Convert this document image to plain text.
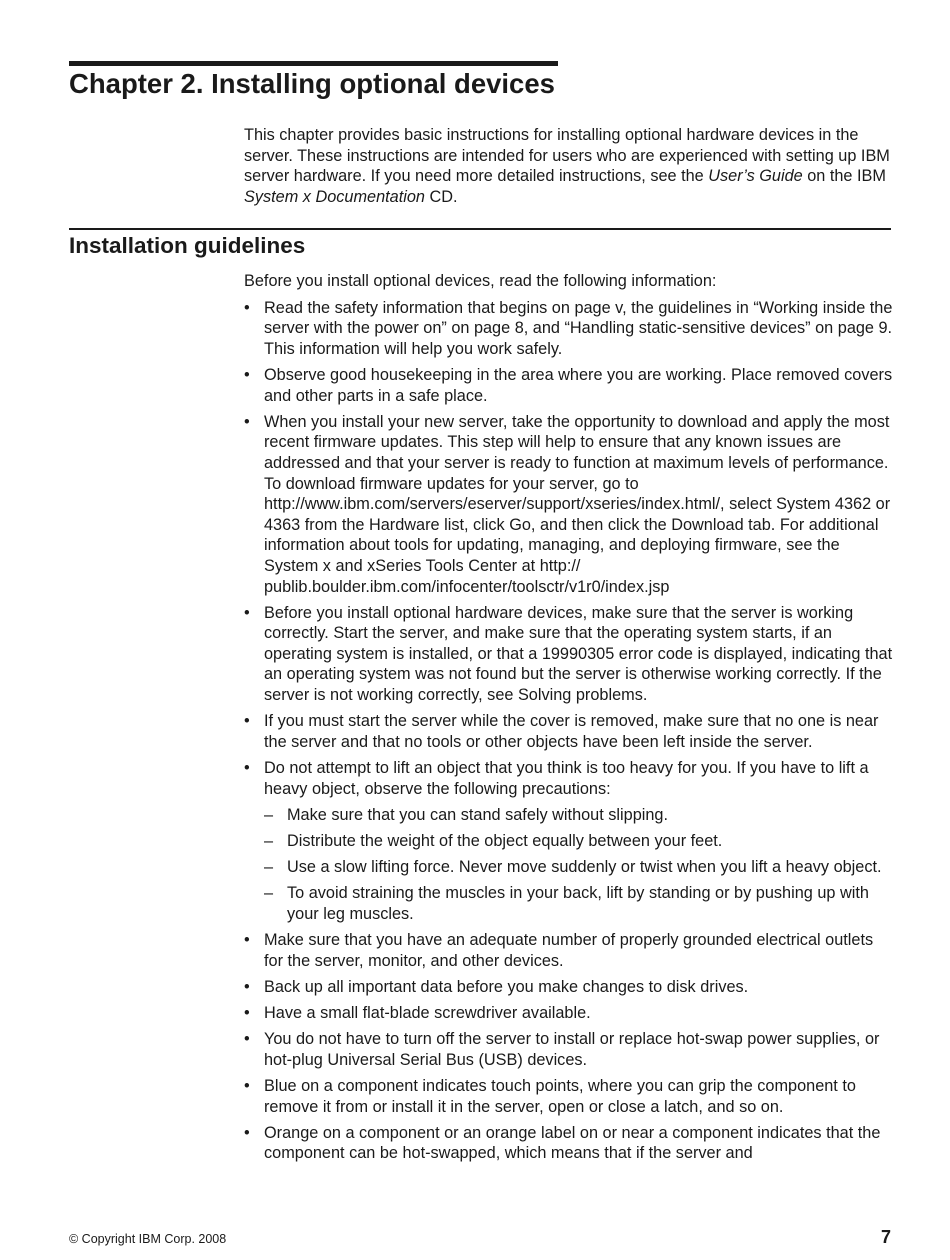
Chapter 2. Installing optional devices

This chapter provides basic instructions for installing optional hardware devices in the server. These instructions are intended for users who are experienced with setting up IBM server hardware. If you need more detailed instructions, see the User’s Guide on the IBM System x Documentation CD.

Installation guidelines

Before you install optional devices, read the following information:

• Read the safety information that begins on page v, the guidelines in “Working inside the server with the power on” on page 8, and “Handling static-sensitive devices” on page 9. This information will help you work safely.
• Observe good housekeeping in the area where you are working. Place removed covers and other parts in a safe place.
• When you install your new server, take the opportunity to download and apply the most recent firmware updates. This step will help to ensure that any known issues are addressed and that your server is ready to function at maximum levels of performance. To download firmware updates for your server, go to http://www.ibm.com/servers/eserver/support/xseries/index.html/, select System 4362 or 4363 from the Hardware list, click Go, and then click the Download tab. For additional information about tools for updating, managing, and deploying firmware, see the System x and xSeries Tools Center at http://
publib.boulder.ibm.com/infocenter/toolsctr/v1r0/index.jsp
• Before you install optional hardware devices, make sure that the server is working correctly. Start the server, and make sure that the operating system starts, if an operating system is installed, or that a 19990305 error code is displayed, indicating that an operating system was not found but the server is otherwise working correctly. If the server is not working correctly, see Solving problems.
• If you must start the server while the cover is removed, make sure that no one is near the server and that no tools or other objects have been left inside the server.
• Do not attempt to lift an object that you think is too heavy for you. If you have to lift a heavy object, observe the following precautions:
– Make sure that you can stand safely without slipping.
– Distribute the weight of the object equally between your feet.
– Use a slow lifting force. Never move suddenly or twist when you lift a heavy object.
– To avoid straining the muscles in your back, lift by standing or by pushing up with your leg muscles.
• Make sure that you have an adequate number of properly grounded electrical outlets for the server, monitor, and other devices.
• Back up all important data before you make changes to disk drives.
• Have a small flat-blade screwdriver available.
• You do not have to turn off the server to install or replace hot-swap power supplies, or hot-plug Universal Serial Bus (USB) devices.
• Blue on a component indicates touch points, where you can grip the component to remove it from or install it in the server, open or close a latch, and so on.
• Orange on a component or an orange label on or near a component indicates that the component can be hot-swapped, which means that if the server and
© Copyright IBM Corp. 2008	7
